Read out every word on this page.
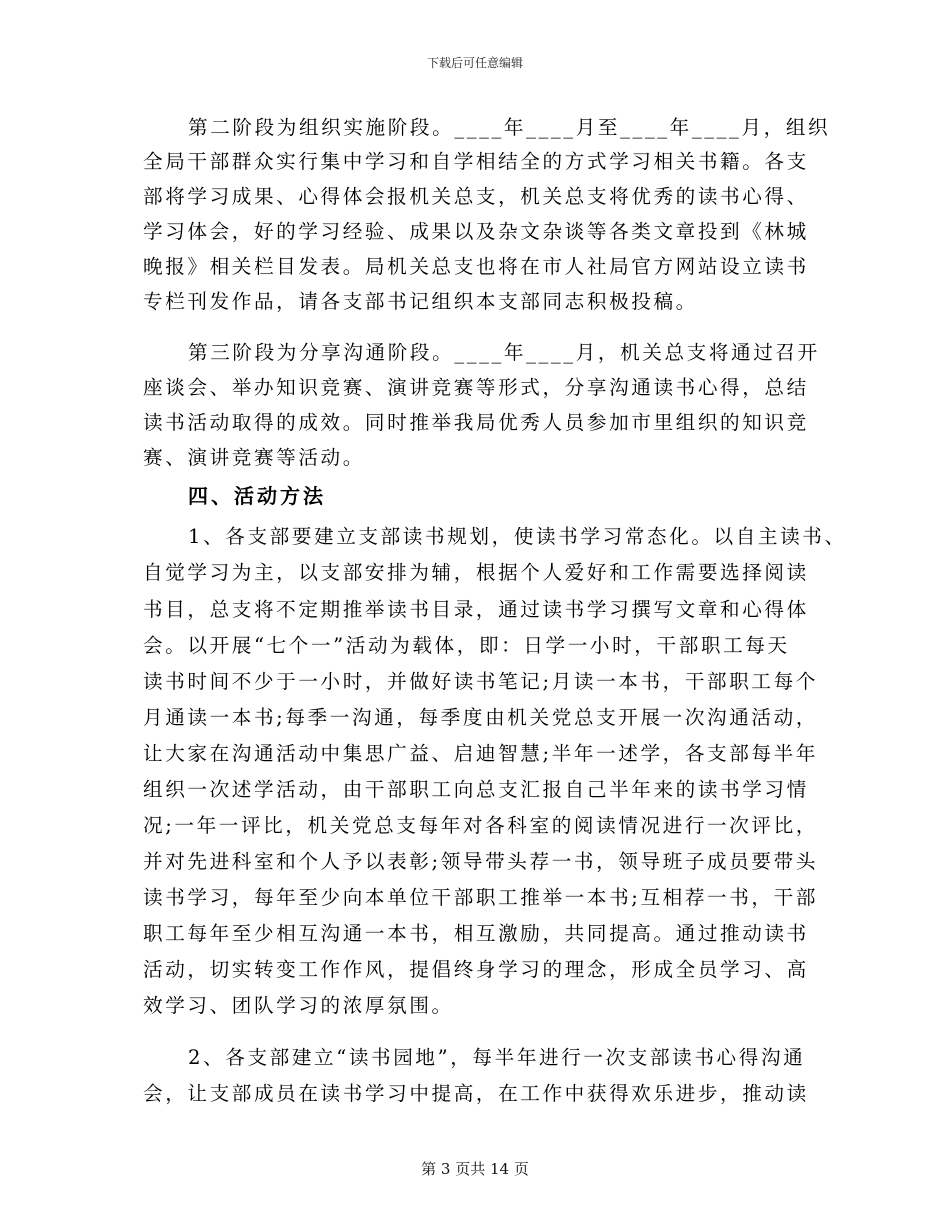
下载后可任意编辑
第二阶段为组织实施阶段。____年____月至____年____月，组织
全局干部群众实行集中学习和自学相结全的方式学习相关书籍。各支
部将学习成果、心得体会报机关总支，机关总支将优秀的读书心得、
学习体会，好的学习经验、成果以及杂文杂谈等各类文章投到《林城
晚报》相关栏目发表。局机关总支也将在市人社局官方网站设立读书
专栏刊发作品，请各支部书记组织本支部同志积极投稿。
第三阶段为分享沟通阶段。____年____月，机关总支将通过召开
座谈会、举办知识竞赛、演讲竞赛等形式，分享沟通读书心得，总结
读书活动取得的成效。同时推举我局优秀人员参加市里组织的知识竞
赛、演讲竞赛等活动。
四、活动方法
1、各支部要建立支部读书规划，使读书学习常态化。以自主读书、
自觉学习为主，以支部安排为辅，根据个人爱好和工作需要选择阅读
书目，总支将不定期推举读书目录，通过读书学习撰写文章和心得体
会。以开展“七个一”活动为载体，即：日学一小时，干部职工每天
读书时间不少于一小时，并做好读书笔记;月读一本书，干部职工每个
月通读一本书;每季一沟通，每季度由机关党总支开展一次沟通活动，
让大家在沟通活动中集思广益、启迪智慧;半年一述学，各支部每半年
组织一次述学活动，由干部职工向总支汇报自己半年来的读书学习情
况;一年一评比，机关党总支每年对各科室的阅读情况进行一次评比，
并对先进科室和个人予以表彰;领导带头荐一书，领导班子成员要带头
读书学习，每年至少向本单位干部职工推举一本书;互相荐一书，干部
职工每年至少相互沟通一本书，相互激励，共同提高。通过推动读书
活动，切实转变工作作风，提倡终身学习的理念，形成全员学习、高
效学习、团队学习的浓厚氛围。
2、各支部建立“读书园地”，每半年进行一次支部读书心得沟通
会，让支部成员在读书学习中提高，在工作中获得欢乐进步，推动读
第 3 页共 14 页
